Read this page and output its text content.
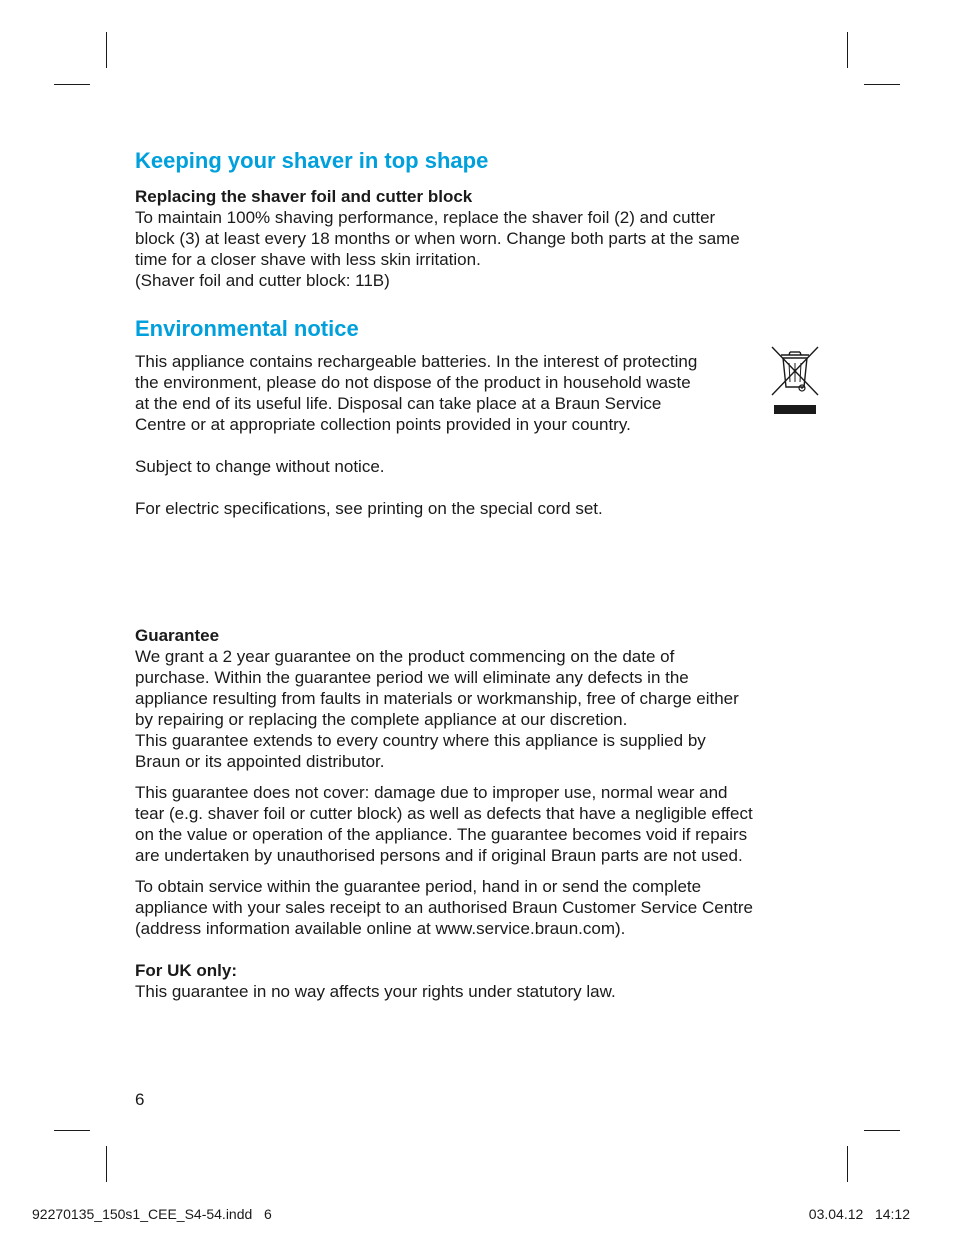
Keeping your shaver in top shape

Replacing the shaver foil and cutter block

To maintain 100% shaving performance, replace the shaver foil (2) and cutter

block (3) at least every 18 months or when worn. Change both parts at the same

time for a closer shave with less skin irritation.

(Shaver foil and cutter block: 11B)

Environmental notice

This appliance contains rechargeable batteries. In the interest of protecting

the environment, please do not dispose of the product in household waste

at the end of its useful life. Disposal can take place at a Braun Service

Centre or at appropriate collection points provided in your country.

Subject to change without notice.

For electric specifications, see printing on the special cord set.

Guarantee

We grant a 2 year guarantee on the product commencing on the date of

purchase. Within the guarantee period we will eliminate any defects in the

appliance resulting from faults in materials or workmanship, free of charge either

by repairing or replacing the complete appliance at our discretion.

This guarantee extends to every country where this appliance is supplied by

Braun or its appointed distributor.

This guarantee does not cover: damage due to improper use, normal wear and

tear (e.g. shaver foil or cutter block) as well as defects that have a negligible effect

on the value or operation of the appliance. The guarantee becomes void if repairs

are undertaken by unauthorised persons and if original Braun parts are not used.

To obtain service within the guarantee period, hand in or send the complete

appliance with your sales receipt to an authorised Braun Customer Service Centre

(address information available online at www.service.braun.com).

For UK only:

This guarantee in no way affects your rights under statutory law.

6
92270135_150s1_CEE_S4-54.indd   6	03.04.12   14:12
